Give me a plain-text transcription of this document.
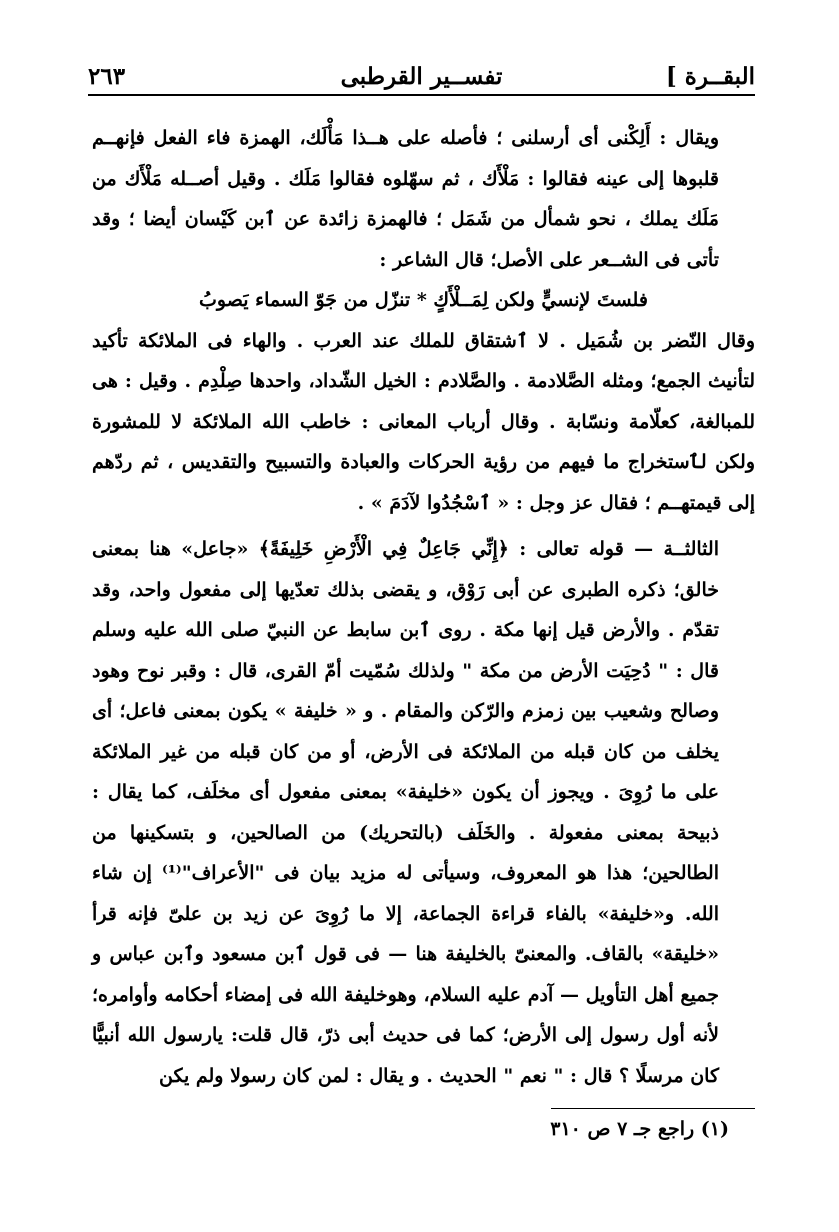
البقــرة ]
تفســير القرطبى
٢٦٣

ويقال : أَلِكْنى أى أرسلنى ؛ فأصله على هــذا مَأْلَك، الهمزة فاء الفعل فإنهــم قلبوها إلى عينه فقالوا : مَلْأَك ، ثم سهّلوه فقالوا مَلَك . وقيل أصــله مَلْأَك من مَلَك يملك ، نحو شمأل من شَمَل ؛ فالهمزة زائدة عن ٱبن كَيْسان أيضا ؛ وقد تأتى فى الشــعر على الأصل؛ قال الشاعر :

فلستَ لإنسيٍّ ولكن لِمَــلْأَكٍ * تنزّل من جَوّ السماء يَصوبُ

وقال النّضر بن شُمَيل . لا ٱشتقاق للملك عند العرب . والهاء فى الملائكة تأكيد لتأنيث الجمع؛ ومثله الصَّلادمة . والصَّلادم : الخيل الشّداد، واحدها صِلْدِم . وقيل : هى للمبالغة، كعلّامة ونسّابة . وقال أرباب المعانى : خاطب الله الملائكة لا للمشورة ولكن لٱستخراج ما فيهم من رؤية الحركات والعبادة والتسبيح والتقديس ، ثم ردّهم إلى قيمتهــم ؛ فقال عز وجل : « ٱسْجُدُوا لآدَمَ » .

الثالثــة — قوله تعالى : ﴿إِنِّي جَاعِلٌ فِي الْأَرْضِ خَلِيفَةً﴾ «جاعل» هنا بمعنى خالق؛ ذكره الطبرى عن أبى رَوْق، و يقضى بذلك تعدّيها إلى مفعول واحد، وقد تقدّم . والأرض قيل إنها مكة . روى ٱبن سابط عن النبيّ صلى الله عليه وسلم قال : " دُحِيَت الأرض من مكة " ولذلك سُمّيت أمّ القرى، قال : وقبر نوح وهود وصالح وشعيب بين زمزم والرّكن والمقام . و « خليفة » يكون بمعنى فاعل؛ أى يخلف من كان قبله من الملائكة فى الأرض، أو من كان قبله من غير الملائكة على ما رُوِىَ . ويجوز أن يكون «خليفة» بمعنى مفعول أى مخلَف، كما يقال : ذبيحة بمعنى مفعولة . والخَلَف (بالتحريك) من الصالحين، و بتسكينها من الطالحين؛ هذا هو المعروف، وسيأتى له مزيد بيان فى "الأعراف"⁽¹⁾ إن شاء الله. و«خليفة» بالفاء قراءة الجماعة، إلا ما رُوِىَ عن زيد بن علىّ فإنه قرأ «خليقة» بالقاف. والمعنىّ بالخليفة هنا — فى قول ٱبن مسعود وٱبن عباس و جميع أهل التأويل — آدم عليه السلام، وهوخليفة الله فى إمضاء أحكامه وأوامره؛ لأنه أول رسول إلى الأرض؛ كما فى حديث أبى ذرّ، قال قلت: يارسول الله أنبيًّا كان مرسلًا ؟ قال : " نعم " الحديث . و يقال : لمن كان رسولا ولم يكن

(١) راجع جـ ٧ ص ٣١٠
